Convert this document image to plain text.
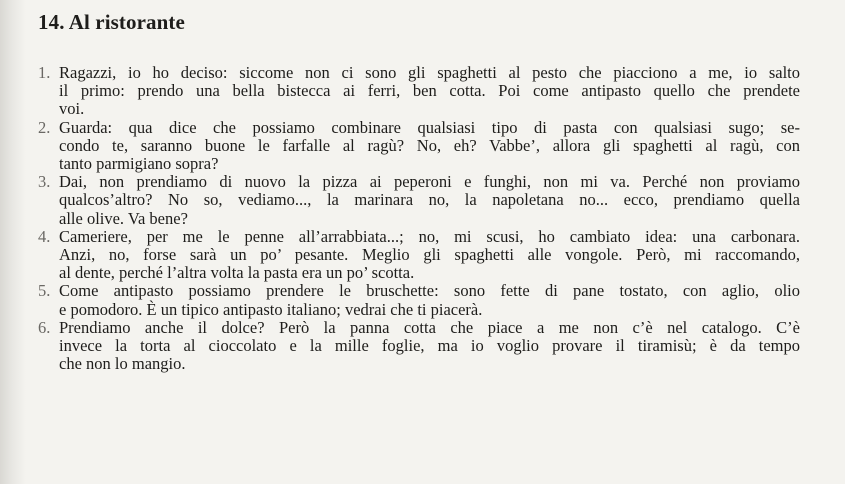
14. Al ristorante
1. Ragazzi, io ho deciso: siccome non ci sono gli spaghetti al pesto che piacciono a me, io salto
il primo: prendo una bella bistecca ai ferri, ben cotta. Poi come antipasto quello che prendete
voi.
2. Guarda: qua dice che possiamo combinare qualsiasi tipo di pasta con qualsiasi sugo; se-
condo te, saranno buone le farfalle al ragù? No, eh? Vabbe’, allora gli spaghetti al ragù, con
tanto parmigiano sopra?
3. Dai, non prendiamo di nuovo la pizza ai peperoni e funghi, non mi va. Perché non proviamo
qualcos’altro? No so, vediamo..., la marinara no, la napoletana no... ecco, prendiamo quella
alle olive. Va bene?
4. Cameriere, per me le penne all’arrabbiata...; no, mi scusi, ho cambiato idea: una carbonara.
Anzi, no, forse sarà un po’ pesante. Meglio gli spaghetti alle vongole. Però, mi raccomando,
al dente, perché l’altra volta la pasta era un po’ scotta.
5. Come antipasto possiamo prendere le bruschette: sono fette di pane tostato, con aglio, olio
e pomodoro. È un tipico antipasto italiano; vedrai che ti piacerà.
6. Prendiamo anche il dolce? Però la panna cotta che piace a me non c’è nel catalogo. C’è
invece la torta al cioccolato e la mille foglie, ma io voglio provare il tiramisù; è da tempo
che non lo mangio.
